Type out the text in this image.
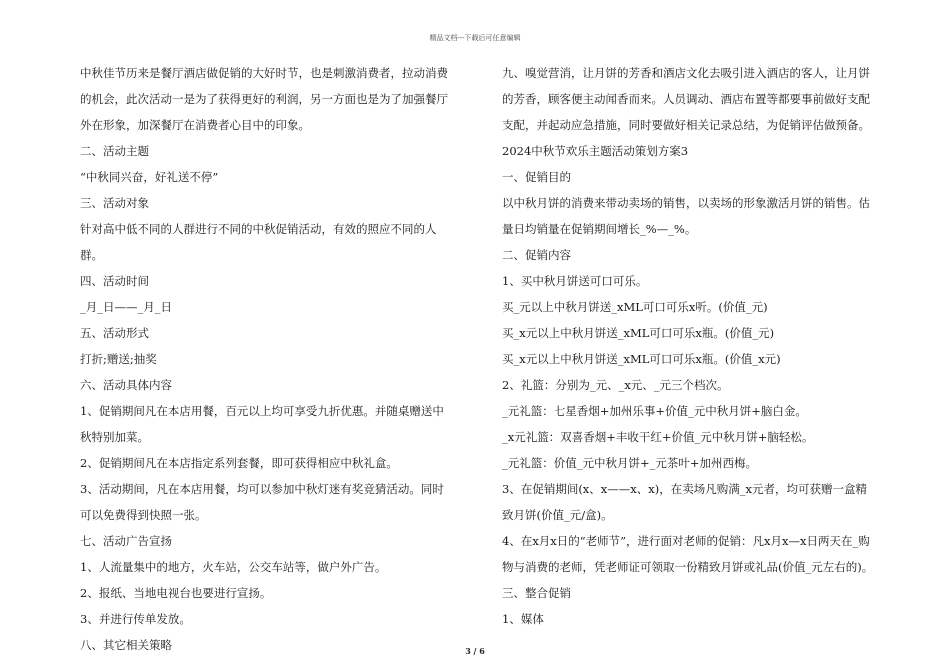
精品文档---下载后可任意编辑

中秋佳节历来是餐厅酒店做促销的大好时节，也是刺激消费者，拉动消费的机会，此次活动一是为了获得更好的利润，另一方面也是为了加强餐厅外在形象，加深餐厅在消费者心目中的印象。

二、活动主题

“中秋同兴奋，好礼送不停”

三、活动对象

针对高中低不同的人群进行不同的中秋促销活动，有效的照应不同的人群。

四、活动时间

_月_日——_月_日

五、活动形式

打折;赠送;抽奖

六、活动具体内容

1、促销期间凡在本店用餐，百元以上均可享受九折优惠。并随桌赠送中秋特别加菜。

2、促销期间凡在本店指定系列套餐，即可获得相应中秋礼盒。

3、活动期间，凡在本店用餐，均可以参加中秋灯迷有奖竞猜活动。同时可以免费得到快照一张。

七、活动广告宣扬

1、人流量集中的地方，火车站，公交车站等，做户外广告。

2、报纸、当地电视台也要进行宣扬。

3、并进行传单发放。

八、其它相关策略

九、嗅觉营消，让月饼的芳香和酒店文化去吸引进入酒店的客人，让月饼的芳香，顾客便主动闻香而来。人员调动、酒店布置等都要事前做好支配支配，并起动应急措施，同时要做好相关记录总结，为促销评估做预备。

2024中秋节欢乐主题活动策划方案3

一、促销目的

以中秋月饼的消费来带动卖场的销售，以卖场的形象激活月饼的销售。估量日均销量在促销期间增长_%—_%。

二、促销内容

1、买中秋月饼送可口可乐。

买_元以上中秋月饼送_xML可口可乐x听。(价值_元)

买_x元以上中秋月饼送_xML可口可乐x瓶。(价值_元)

买_x元以上中秋月饼送_xML可口可乐x瓶。(价值_x元)

2、礼篮：分别为_元、_x元、_元三个档次。

_元礼篮：七星香烟+加州乐事+价值_元中秋月饼+脑白金。

_x元礼篮：双喜香烟+丰收干红+价值_元中秋月饼+脑轻松。

_元礼篮：价值_元中秋月饼+_元茶叶+加州西梅。

3、在促销期间(x、x——x、x)，在卖场凡购满_x元者，均可获赠一盒精致月饼(价值_元/盒)。

4、在x月x日的“老师节”，进行面对老师的促销：凡x月x—x日两天在_购物与消费的老师，凭老师证可领取一份精致月饼或礼品(价值_元左右的)。

三、整合促销

1、媒体

3 / 6
